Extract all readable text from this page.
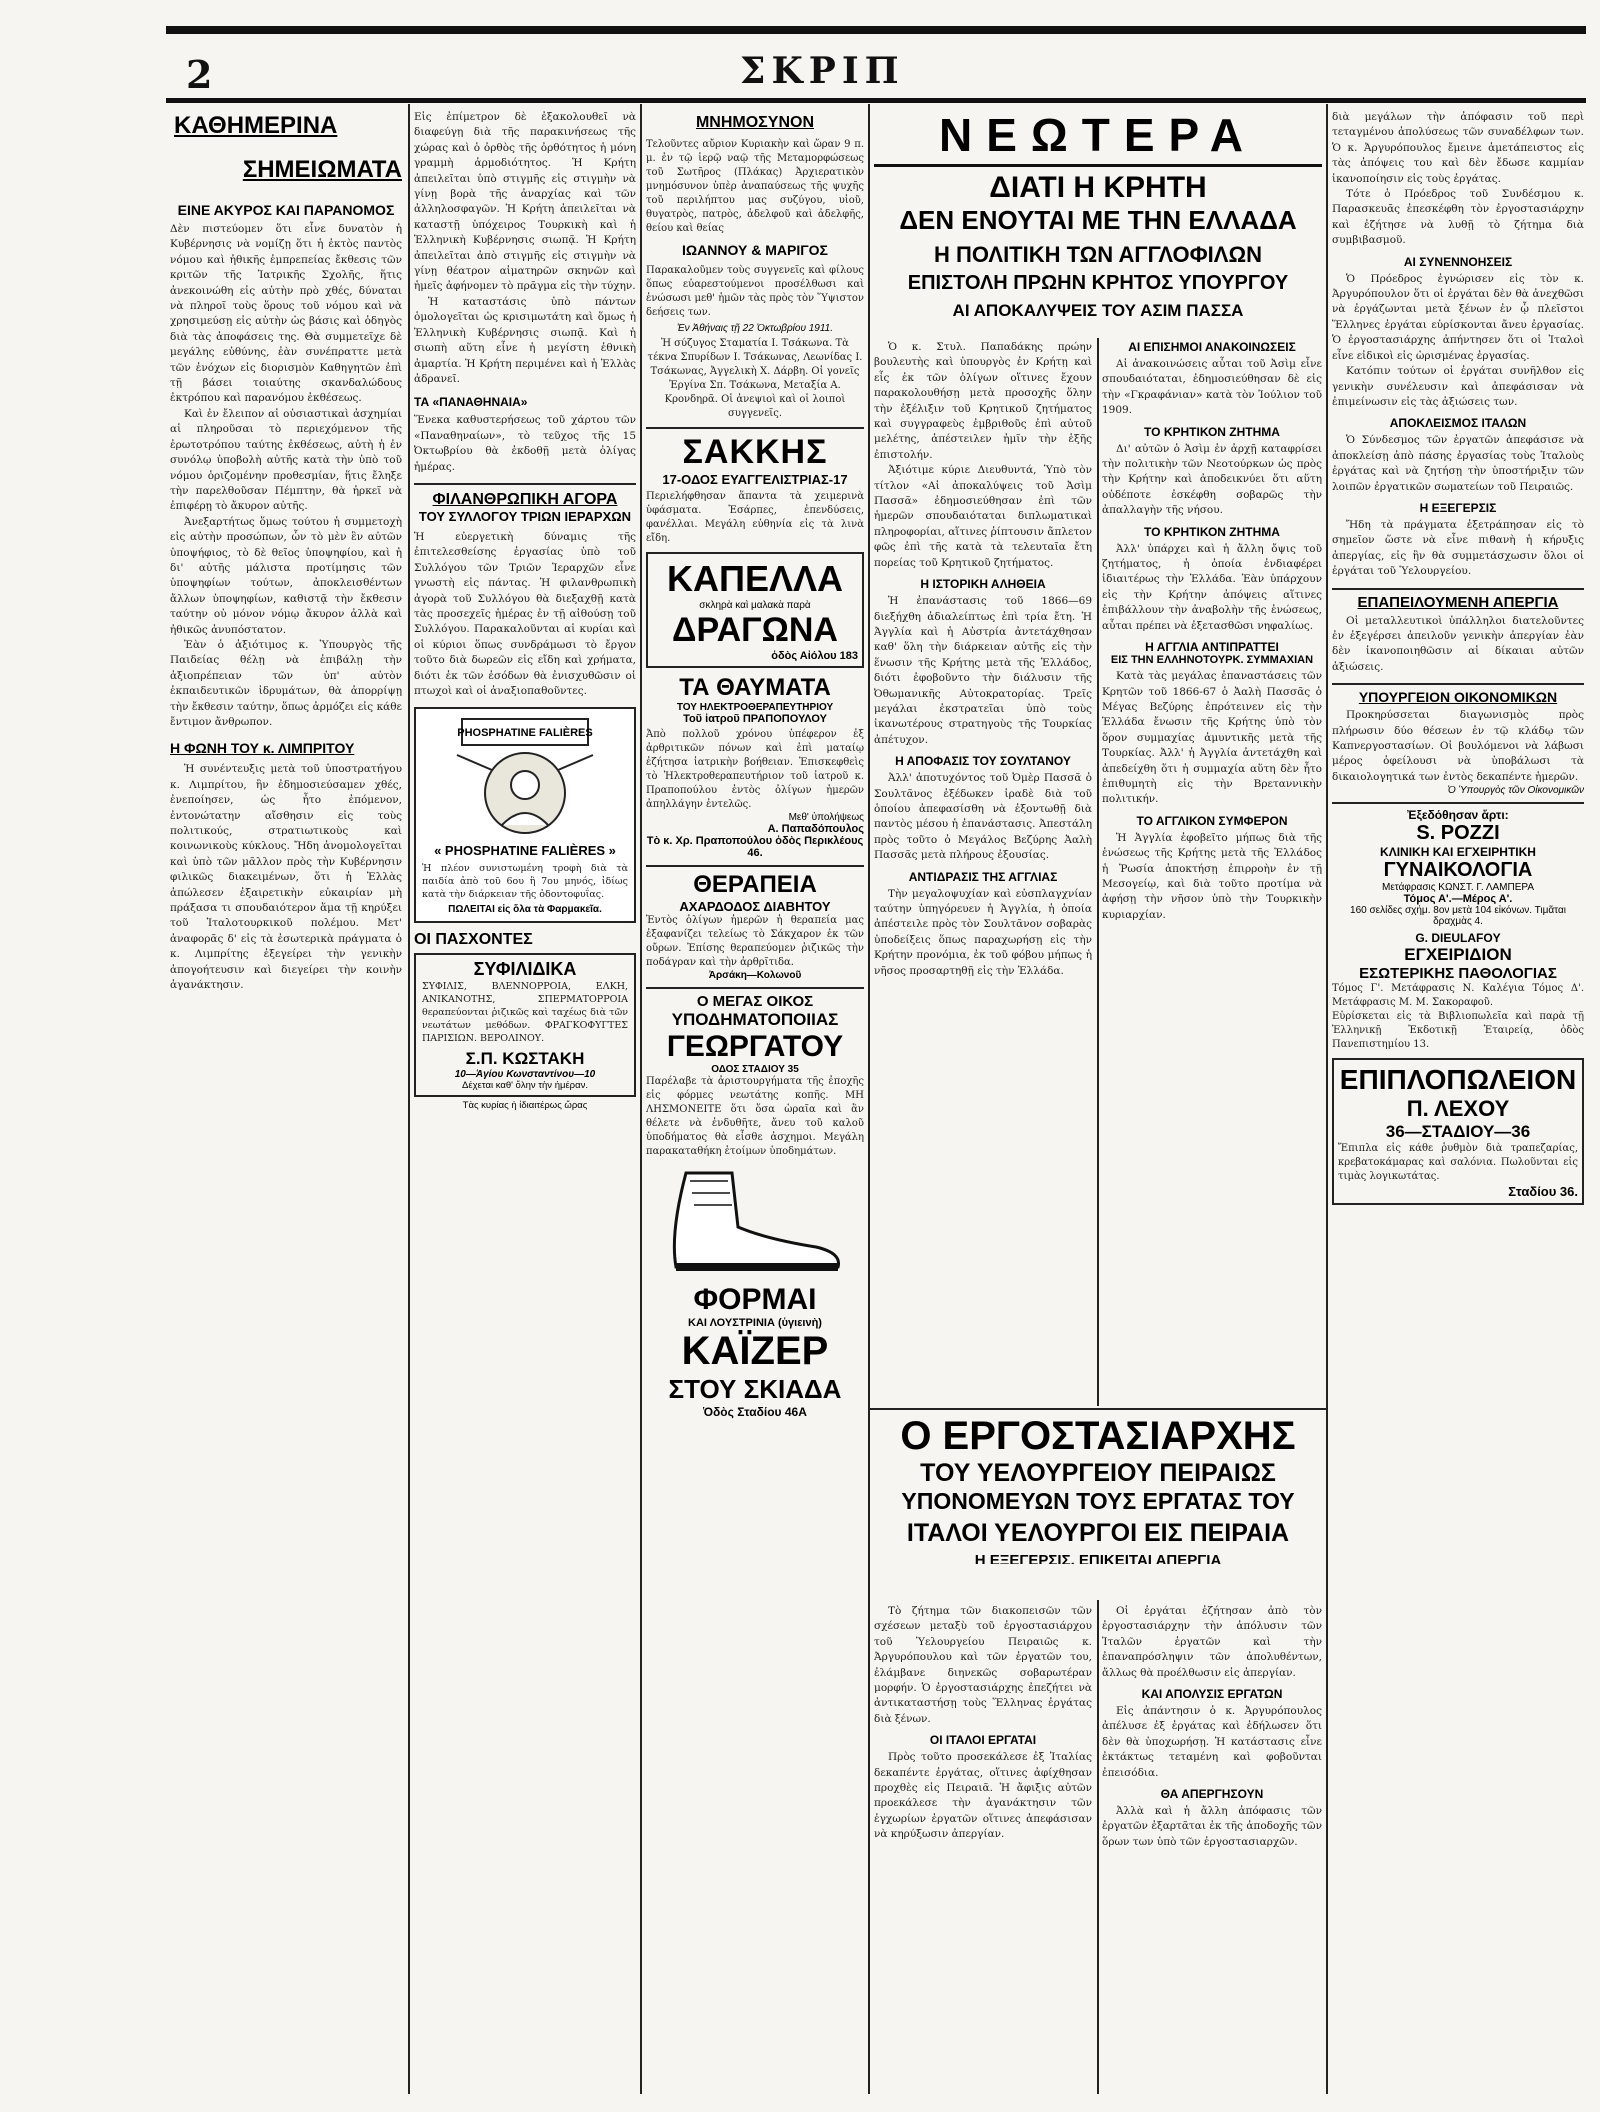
2	ΣΚΡΙΠ
ΚΑΘΗΜΕΡΙΝΑ
ΣΗΜΕΙΩΜΑΤΑ
ΕΙΝΕ ΑΚΥΡΟΣ ΚΑΙ ΠΑΡΑΝΟΜΟΣ

Δὲν πιστεύομεν ὅτι εἶνε δυνατὸν ἡ Κυβέρνησις νὰ νομίζῃ ὅτι ἡ ἐκτὸς παντὸς νόμου καὶ ἠθικῆς ἐμπρεπείας ἔκθεσις τῶν κριτῶν τῆς Ἰατρικῆς Σχολῆς, ἥτις ἀνεκοινώθη εἰς αὐτὴν πρὸ χθές, δύναται νὰ πληροῖ τοὺς ὅρους τοῦ νόμου καὶ νὰ χρησιμεύσῃ εἰς αὐτὴν ὡς βάσις καὶ ὁδηγὸς διὰ τὰς ἀποφάσεις της. Θὰ συμμετεῖχε δὲ μεγάλης εὐθύνης, ἐὰν συνέπραττε μετὰ τῶν ἐνόχων εἰς διορισμὸν Καθηγητῶν ἐπὶ τῇ βάσει τοιαύτης σκανδαλώδους ἐκτρόπου καὶ παρανόμου ἐκθέσεως.

Καὶ ἐν ἔλειπον αἱ οὐσιαστικαὶ ἀσχημίαι αἱ πληροῦσαι τὸ περιεχόμενον τῆς ἐρωτοτρόπου ταύτης ἐκθέσεως, αὐτὴ ἡ ἐν συνόλῳ ὑποβολὴ αὐτῆς κατὰ τὴν ὑπὸ τοῦ νόμου ὁριζομένην προθεσμίαν, ἥτις ἔληξε τὴν παρελθοῦσαν Πέμπτην, θὰ ἠρκεῖ νὰ ἐπιφέρῃ τὸ ἄκυρον αὐτῆς.

Ἀνεξαρτήτως ὅμως τούτου ἡ συμμετοχὴ εἰς αὐτὴν προσώπων, ὧν τὸ μὲν ἓν αὐτῶν ὑποψήφιος, τὸ δὲ θεῖος ὑποψηφίου, καὶ ἡ δι' αὐτῆς μάλιστα προτίμησις τῶν ὑποψηφίων τούτων, ἀποκλεισθέντων ἄλλων ὑποψηφίων, καθιστᾷ τὴν ἔκθεσιν ταύτην οὐ μόνον νόμῳ ἄκυρον ἀλλὰ καὶ ἠθικῶς ἀνυπόστατον.

Ἐὰν ὁ ἀξιότιμος κ. Ὑπουργὸς τῆς Παιδείας θέλῃ νὰ ἐπιβάλῃ τὴν ἀξιοπρέπειαν τῶν ὑπ' αὐτὸν ἐκπαιδευτικῶν ἰδρυμάτων, θὰ ἀπορρίψῃ τὴν ἔκθεσιν ταύτην, ὅπως ἀρμόζει εἰς κάθε ἔντιμον ἄνθρωπον.

Η ΦΩΝΗ ΤΟΥ κ. ΛΙΜΠΡΙΤΟΥ

Ἡ συνέντευξις μετὰ τοῦ ὑποστρατήγου κ. Λιμπρίτου, ἣν ἐδημοσιεύσαμεν χθές, ἐνεποίησεν, ὡς ἦτο ἐπόμενον, ἐντονώτατην αἴσθησιν εἰς τοὺς πολιτικούς, στρατιωτικοὺς καὶ κοινωνικοὺς κύκλους. Ἤδη ἀνομολογεῖται καὶ ὑπὸ τῶν μᾶλλον πρὸς τὴν Κυβέρνησιν φιλικῶς διακειμένων, ὅτι ἡ Ἑλλὰς ἀπώλεσεν ἐξαιρετικὴν εὐκαιρίαν μὴ πράξασα τι σπουδαιότερον ἅμα τῇ κηρύξει τοῦ Ἰταλοτουρκικοῦ πολέμου. Μετ' ἀναφορᾶς δ' εἰς τὰ ἐσωτερικὰ πράγματα ὁ κ. Λιμπρίτης ἐξεγείρει τὴν γενικὴν ἀπογοήτευσιν καὶ διεγείρει τὴν κοινὴν ἀγανάκτησιν.

Εἰς ἐπίμετρον δὲ ἐξακολουθεῖ νὰ διαφεύγῃ διὰ τῆς παρακινήσεως τῆς χώρας καὶ ὁ ὀρθὸς τῆς ὀρθότητος ἡ μόνη γραμμὴ ἀρμοδιότητος. Ἡ Κρήτη ἀπειλεῖται ὑπὸ στιγμῆς εἰς στιγμὴν νὰ γίνῃ βορὰ τῆς ἀναρχίας καὶ τῶν ἀλληλοσφαγῶν. Ἡ Κρήτη ἀπειλεῖται νὰ καταστῇ ὑπόχειρος Τουρκικὴ καὶ ἡ Ἑλληνικὴ Κυβέρνησις σιωπᾷ. Ἡ Κρήτη ἀπειλεῖται ἀπὸ στιγμῆς εἰς στιγμὴν νὰ γίνῃ θέατρον αἱματηρῶν σκηνῶν καὶ ἡμεῖς ἀφήνομεν τὸ πρᾶγμα εἰς τὴν τύχην.

Ἡ καταστάσις ὑπὸ πάντων ὁμολογεῖται ὡς κρισιμωτάτη καὶ ὅμως ἡ Ἑλληνικὴ Κυβέρνησις σιωπᾷ. Καὶ ἡ σιωπὴ αὕτη εἶνε ἡ μεγίστη ἐθνικὴ ἁμαρτία. Ἡ Κρήτη περιμένει καὶ ἡ Ἑλλὰς ἀδρανεῖ.

ΤΑ «ΠΑΝΑΘΗΝΑΙΑ»

Ἕνεκα καθυστερήσεως τοῦ χάρτου τῶν «Παναθηναίων», τὸ τεῦχος τῆς 15 Ὀκτωβρίου θὰ ἐκδοθῇ μετὰ ὀλίγας ἡμέρας.

ΦΙΛΑΝΘΡΩΠΙΚΗ ΑΓΟΡΑ
ΤΟΥ ΣΥΛΛΟΓΟΥ ΤΡΙΩΝ ΙΕΡΑΡΧΩΝ

Ἡ εὐεργετικὴ δύναμις τῆς ἐπιτελεσθείσης ἐργασίας ὑπὸ τοῦ Συλλόγου τῶν Τριῶν Ἱεραρχῶν εἶνε γνωστὴ εἰς πάντας. Ἡ φιλανθρωπικὴ ἀγορὰ τοῦ Συλλόγου θὰ διεξαχθῇ κατὰ τὰς προσεχεῖς ἡμέρας ἐν τῇ αἰθούσῃ τοῦ Συλλόγου. Παρακαλοῦνται αἱ κυρίαι καὶ οἱ κύριοι ὅπως συνδράμωσι τὸ ἔργον τοῦτο διὰ δωρεῶν εἰς εἴδη καὶ χρήματα, διότι ἐκ τῶν ἐσόδων θὰ ἐνισχυθῶσιν οἱ πτωχοὶ καὶ οἱ ἀναξιοπαθοῦντες.

PHOSPHATINE FALIÈRES
« PHOSPHATINE FALIÈRES »

Ἡ πλέον συνιστωμένη τροφὴ διὰ τὰ παιδία ἀπὸ τοῦ 6ου ἢ 7ου μηνός, ἰδίως κατὰ τὴν διάρκειαν τῆς ὀδοντοφυΐας.

ΠΩΛΕΙΤΑΙ εἰς ὅλα τὰ Φαρμακεῖα.
ΟΙ ΠΑΣΧΟΝΤΕΣ
ΣΥΦΙΛΙΔΙΚΑ

ΣΥΦΙΛΙΣ, ΒΛΕΝΝΟΡΡΟΙΑ, ΕΛΚΗ, ΑΝΙΚΑΝΟΤΗΣ, ΣΠΕΡΜΑΤΟΡΡΟΙΑ θεραπεύονται ῥιζικῶς καὶ ταχέως διὰ τῶν νεωτάτων μεθόδων. ΦΡΑΓΚΟΦΥΓΤΕΣ ΠΑΡΙΣΙΩΝ. ΒΕΡΟΛΙΝΟΥ.

Σ.Π. ΚΩΣΤΑΚΗ
10—Ἁγίου Κωνσταντίνου—10
Δέχεται καθ' ὅλην τὴν ἡμέραν.
Τὰς κυρίας ἡ ἰδιαιτέρως ὥρας
ΜΝΗΜΟΣΥΝΟΝ

Τελοῦντες αὔριον Κυριακὴν καὶ ὥραν 9 π. μ. ἐν τῷ ἱερῷ ναῷ τῆς Μεταμορφώσεως τοῦ Σωτῆρος (Πλάκας) Ἀρχιερατικὸν μνημόσυνον ὑπὲρ ἀναπαύσεως τῆς ψυχῆς τοῦ περιλήπτου μας συζύγου, υἱοῦ, θυγατρὸς, πατρὸς, ἀδελφοῦ καὶ ἀδελφῆς, θείου καὶ θείας

ΙΩΑΝΝΟΥ & ΜΑΡΙΓΟΣ

Παρακαλοῦμεν τοὺς συγγενεῖς καὶ φίλους ὅπως εὐαρεστούμενοι προσέλθωσι καὶ ἑνώσωσι μεθ' ἡμῶν τὰς πρὸς τὸν Ὕψιστον δεήσεις των.

Ἐν Ἀθήναις τῇ 22 Ὀκτωβρίου 1911.

Ἡ σύζυγος Σταματία Ι. Τσάκωνα. Τὰ τέκνα Σπυρίδων Ι. Τσάκωνας, Λεωνίδας Ι. Τσάκωνας, Ἀγγελικὴ Χ. Δάρβη. Οἱ γονεῖς Ἐργίνα Σπ. Τσάκωνα, Μεταξία Α. Κρονδηρᾶ. Οἱ ἀνεψιοὶ καὶ οἱ λοιποὶ συγγενεῖς.

ΣΑΚΚΗΣ
17-ΟΔΟΣ ΕΥΑΓΓΕΛΙΣΤΡΙΑΣ-17

Περιελήφθησαν ἅπαντα τὰ χειμερινὰ ὑφάσματα. Ἐσάρπες, ἐπενδύσεις, φανέλλαι. Μεγάλη εὐθηνία εἰς τὰ λινὰ εἴδη.

ΚΑΠΕΛΛΑ
σκληρὰ καὶ μαλακὰ παρὰ
ΔΡΑΓΩΝΑ
ὁδὸς Αἰόλου 183
ΤΑ ΘΑΥΜΑΤΑ
ΤΟΥ ΗΛΕΚΤΡΟΘΕΡΑΠΕΥΤΗΡΙΟΥ
Τοῦ ἰατροῦ ΠΡΑΠΟΠΟΥΛΟΥ

Ἀπὸ πολλοῦ χρόνου ὑπέφερον ἐξ ἀρθριτικῶν πόνων καὶ ἐπὶ ματαίῳ ἐζήτησα ἰατρικὴν βοήθειαν. Ἐπισκεφθεὶς τὸ Ἠλεκτροθεραπευτήριον τοῦ ἰατροῦ κ. Πραποπούλου ἐντὸς ὀλίγων ἡμερῶν ἀπηλλάγην ἐντελῶς.

Μεθ' ὑπολήψεως
Α. Παπαδόπουλος
Τὸ κ. Χρ. Πραποπούλου ὁδὸς Περικλέους 46.
ΘΕΡΑΠΕΙΑ
ΑΧΑΡΔΟΔΟΣ ΔΙΑΒΗΤΟΥ

Ἐντὸς ὀλίγων ἡμερῶν ἡ θεραπεία μας ἐξαφανίζει τελείως τὸ Σάκχαρον ἐκ τῶν οὔρων. Ἐπίσης θεραπεύομεν ῥιζικῶς τὴν ποδάγραν καὶ τὴν ἀρθρῖτιδα.

Ἀρσάκη—Κολωνοῦ
Ο ΜΕΓΑΣ ΟΙΚΟΣ
ΥΠΟΔΗΜΑΤΟΠΟΙΙΑΣ
ΓΕΩΡΓΑΤΟΥ
ΟΔΟΣ ΣΤΑΔΙΟΥ 35

Παρέλαβε τὰ ἀριστουργήματα τῆς ἐποχῆς εἰς φόρμες νεωτάτης κοπῆς. ΜΗ ΛΗΣΜΟΝΕΙΤΕ ὅτι ὅσα ὡραῖα καὶ ἂν θέλετε νὰ ἐνδυθῆτε, ἄνευ τοῦ καλοῦ ὑποδήματος θὰ εἶσθε ἀσχημοι. Μεγάλη παρακαταθήκη ἑτοίμων ὑποδημάτων.

ΦΟΡΜΑΙ
ΚΑΙ ΛΟΥΣΤΡΙΝΙΑ (ὑγιεινὴ)
ΚΑΪΖΕΡ
ΣΤΟΥ ΣΚΙΑΔΑ
Ὁδὸς Σταδίου 46Α
ΝΕΩΤΕΡΑ
ΔΙΑΤΙ Η ΚΡΗΤΗ
ΔΕΝ ΕΝΟΥΤΑΙ ΜΕ ΤΗΝ ΕΛΛΑΔΑ
Η ΠΟΛΙΤΙΚΗ ΤΩΝ ΑΓΓΛΟΦΙΛΩΝ
ΕΠΙΣΤΟΛΗ ΠΡΩΗΝ ΚΡΗΤΟΣ ΥΠΟΥΡΓΟΥ
ΑΙ ΑΠΟΚΑΛΥΨΕΙΣ ΤΟΥ ΑΣΙΜ ΠΑΣΣΑ

Ὁ κ. Στυλ. Παπαδάκης πρώην βουλευτὴς καὶ ὑπουργὸς ἐν Κρήτῃ καὶ εἷς ἐκ τῶν ὀλίγων οἵτινες ἔχουν παρακολουθήσῃ μετὰ προσοχῆς ὅλην τὴν ἐξέλιξιν τοῦ Κρητικοῦ ζητήματος καὶ συγγραφεὺς ἐμβριθοῦς ἐπὶ αὐτοῦ μελέτης, ἀπέστειλεν ἡμῖν τὴν ἑξῆς ἐπιστολήν.

Ἀξιότιμε κύριε Διευθυντά, Ὑπὸ τὸν τίτλον «Αἱ ἀποκαλύψεις τοῦ Ἀσὶμ Πασσᾶ» ἐδημοσιεύθησαν ἐπὶ τῶν ἡμερῶν σπουδαιόταται διπλωματικαὶ πληροφορίαι, αἵτινες ῥίπτουσιν ἄπλετον φῶς ἐπὶ τῆς κατὰ τὰ τελευταῖα ἔτη πορείας τοῦ Κρητικοῦ ζητήματος.

Η ΙΣΤΟΡΙΚΗ ΑΛΗΘΕΙΑ

Ἡ ἐπανάστασις τοῦ 1866—69 διεξήχθη ἀδιαλείπτως ἐπὶ τρία ἔτη. Ἡ Ἀγγλία καὶ ἡ Αὐστρία ἀντετάχθησαν καθ' ὅλη τὴν διάρκειαν αὐτῆς εἰς τὴν ἕνωσιν τῆς Κρήτης μετὰ τῆς Ἑλλάδος, διότι ἐφοβοῦντο τὴν διάλυσιν τῆς Ὀθωμανικῆς Αὐτοκρατορίας. Τρεῖς μεγάλαι ἐκστρατεῖαι ὑπὸ τοὺς ἱκανωτέρους στρατηγοὺς τῆς Τουρκίας ἀπέτυχον.

Η ΑΠΟΦΑΣΙΣ ΤΟΥ ΣΟΥΛΤΑΝΟΥ

Ἀλλ' ἀποτυχόντος τοῦ Ὀμὲρ Πασσᾶ ὁ Σουλτᾶνος ἐξέδωκεν ἰραδὲ διὰ τοῦ ὁποίου ἀπεφασίσθη νὰ ἐξοντωθῇ διὰ παντὸς μέσου ἡ ἐπανάστασις. Ἀπεστάλη πρὸς τοῦτο ὁ Μεγάλος Βεζύρης Ἀαλὴ Πασσᾶς μετὰ πλήρους ἐξουσίας.

ΑΝΤΙΔΡΑΣΙΣ ΤΗΣ ΑΓΓΛΙΑΣ

Τὴν μεγαλοψυχίαν καὶ εὐσπλαγχνίαν ταύτην ὑπηγόρευεν ἡ Ἀγγλία, ἡ ὁποία ἀπέστειλε πρὸς τὸν Σουλτᾶνον σοβαρὰς ὑποδείξεις ὅπως παραχωρήσῃ εἰς τὴν Κρήτην προνόμια, ἐκ τοῦ φόβου μήπως ἡ νῆσος προσαρτηθῇ εἰς τὴν Ἑλλάδα.

ΑΙ ΕΠΙΣΗΜΟΙ ΑΝΑΚΟΙΝΩΣΕΙΣ

Αἱ ἀνακοινώσεις αὗται τοῦ Ἀσὶμ εἶνε σπουδαιόταται, ἐδημοσιεύθησαν δὲ εἰς τὴν «Γκραφάνιαν» κατὰ τὸν Ἰούλιον τοῦ 1909.

ΤΟ ΚΡΗΤΙΚΟΝ ΖΗΤΗΜΑ

Δι' αὐτῶν ὁ Ἀσὶμ ἐν ἀρχῇ καταφρίσει τὴν πολιτικὴν τῶν Νεοτούρκων ὡς πρὸς τὴν Κρήτην καὶ ἀποδεικνύει ὅτι αὕτη οὐδέποτε ἐσκέφθη σοβαρῶς τὴν ἀπαλλαγὴν τῆς νήσου.

ΤΟ ΚΡΗΤΙΚΟΝ ΖΗΤΗΜΑ

Ἀλλ' ὑπάρχει καὶ ἡ ἄλλη ὄψις τοῦ ζητήματος, ἡ ὁποία ἐνδιαφέρει ἰδιαιτέρως τὴν Ἑλλάδα. Ἐὰν ὑπάρχουν εἰς τὴν Κρήτην ἀπόψεις αἵτινες ἐπιβάλλουν τὴν ἀναβολὴν τῆς ἑνώσεως, αὗται πρέπει νὰ ἐξετασθῶσι νηφαλίως.

Η ΑΓΓΛΙΑ ΑΝΤΙΠΡΑΤΤΕΙ
ΕΙΣ ΤΗΝ ΕΛΛΗΝΟΤΟΥΡΚ. ΣΥΜΜΑΧΙΑΝ

Κατὰ τὰς μεγάλας ἐπαναστάσεις τῶν Κρητῶν τοῦ 1866-67 ὁ Ἀαλὴ Πασσᾶς ὁ Μέγας Βεζύρης ἐπρότεινεν εἰς τὴν Ἑλλάδα ἔνωσιν τῆς Κρήτης ὑπὸ τὸν ὅρον συμμαχίας ἀμυντικῆς μετὰ τῆς Τουρκίας. Ἀλλ' ἡ Ἀγγλία ἀντετάχθη καὶ ἀπεδείχθη ὅτι ἡ συμμαχία αὕτη δὲν ἦτο ἐπιθυμητὴ εἰς τὴν Βρεταννικὴν πολιτικήν.

ΤΟ ΑΓΓΛΙΚΟΝ ΣΥΜΦΕΡΟΝ

Ἡ Ἀγγλία ἐφοβεῖτο μήπως διὰ τῆς ἑνώσεως τῆς Κρήτης μετὰ τῆς Ἑλλάδος ἡ Ῥωσία ἀποκτήσῃ ἐπιρροὴν ἐν τῇ Μεσογείῳ, καὶ διὰ τοῦτο προτίμα νὰ ἀφήσῃ τὴν νῆσον ὑπὸ τὴν Τουρκικὴν κυριαρχίαν.

Ο ΕΡΓΟΣΤΑΣΙΑΡΧΗΣ
ΤΟΥ ΥΕΛΟΥΡΓΕΙΟΥ ΠΕΙΡΑΙΩΣ
ΥΠΟΝΟΜΕΥΩΝ ΤΟΥΣ ΕΡΓΑΤΑΣ ΤΟΥ
ΙΤΑΛΟΙ ΥΕΛΟΥΡΓΟΙ ΕΙΣ ΠΕΙΡΑΙΑ
Η ΕΞΕΓΕΡΣΙΣ. ΕΠΙΚΕΙΤΑΙ ΑΠΕΡΓΙΑ

Τὸ ζήτημα τῶν διακοπεισῶν τῶν σχέσεων μεταξὺ τοῦ ἐργοστασιάρχου τοῦ Ὑελουργείου Πειραιῶς κ. Ἀργυρόπουλου καὶ τῶν ἐργατῶν του, ἐλάμβανε διηνεκῶς σοβαρωτέραν μορφήν. Ὁ ἐργοστασιάρχης ἐπεζήτει νὰ ἀντικαταστήσῃ τοὺς Ἕλληνας ἐργάτας διὰ ξένων.

ΟΙ ΙΤΑΛΟΙ ΕΡΓΑΤΑΙ

Πρὸς τοῦτο προσεκάλεσε ἐξ Ἰταλίας δεκαπέντε ἐργάτας, οἵτινες ἀφίχθησαν προχθὲς εἰς Πειραιᾶ. Ἡ ἄφιξις αὐτῶν προεκάλεσε τὴν ἀγανάκτησιν τῶν ἐγχωρίων ἐργατῶν οἵτινες ἀπεφάσισαν νὰ κηρύξωσιν ἀπεργίαν.

Οἱ ἐργάται ἐζήτησαν ἀπὸ τὸν ἐργοστασιάρχην τὴν ἀπόλυσιν τῶν Ἰταλῶν ἐργατῶν καὶ τὴν ἐπαναπρόσληψιν τῶν ἀπολυθέντων, ἄλλως θὰ προέλθωσιν εἰς ἀπεργίαν.

ΚΑΙ ΑΠΟΛΥΣΙΣ ΕΡΓΑΤΩΝ

Εἰς ἀπάντησιν ὁ κ. Ἀργυρόπουλος ἀπέλυσε ἐξ ἐργάτας καὶ ἐδήλωσεν ὅτι δὲν θὰ ὑποχωρήσῃ. Ἡ κατάστασις εἶνε ἐκτάκτως τεταμένη καὶ φοβοῦνται ἐπεισόδια.

ΘΑ ΑΠΕΡΓΗΣΟΥΝ

Ἀλλὰ καὶ ἡ ἄλλη ἀπόφασις τῶν ἐργατῶν ἐξαρτᾶται ἐκ τῆς ἀποδοχῆς τῶν ὅρων των ὑπὸ τῶν ἐργοστασιαρχῶν.

διὰ μεγάλων τὴν ἀπόφασιν τοῦ περὶ τεταγμένου ἀπολύσεως τῶν συναδέλφων των. Ὁ κ. Ἀργυρόπουλος ἔμεινε ἀμετάπειστος εἰς τὰς ἀπόψεις του καὶ δὲν ἔδωσε καμμίαν ἱκανοποίησιν εἰς τοὺς ἐργάτας.

Τότε ὁ Πρόεδρος τοῦ Συνδέσμου κ. Παρασκευᾶς ἐπεσκέφθη τὸν ἐργοστασιάρχην καὶ ἐζήτησε νὰ λυθῇ τὸ ζήτημα διὰ συμβιβασμοῦ.

ΑΙ ΣΥΝΕΝΝΟΗΣΕΙΣ

Ὁ Πρόεδρος ἐγνώρισεν εἰς τὸν κ. Ἀργυρόπουλον ὅτι οἱ ἐργάται δὲν θὰ ἀνεχθῶσι νὰ ἐργάζωνται μετὰ ξένων ἐν ᾧ πλεῖστοι Ἕλληνες ἐργάται εὑρίσκονται ἄνευ ἐργασίας. Ὁ ἐργοστασιάρχης ἀπήντησεν ὅτι οἱ Ἰταλοὶ εἶνε εἰδικοὶ εἰς ὡρισμένας ἐργασίας.

Κατόπιν τούτων οἱ ἐργάται συνῆλθον εἰς γενικὴν συνέλευσιν καὶ ἀπεφάσισαν νὰ ἐπιμείνωσιν εἰς τὰς ἀξιώσεις των.

ΑΠΟΚΛΕΙΣΜΟΣ ΙΤΑΛΩΝ

Ὁ Σύνδεσμος τῶν ἐργατῶν ἀπεφάσισε νὰ ἀποκλείσῃ ἀπὸ πάσης ἐργασίας τοὺς Ἰταλοὺς ἐργάτας καὶ νὰ ζητήσῃ τὴν ὑποστήριξιν τῶν λοιπῶν ἐργατικῶν σωματείων τοῦ Πειραιῶς.

Η ΕΞΕΓΕΡΣΙΣ

Ἤδη τὰ πράγματα ἐξετράπησαν εἰς τὸ σημεῖον ὥστε νὰ εἶνε πιθανὴ ἡ κήρυξις ἀπεργίας, εἰς ἣν θὰ συμμετάσχωσιν ὅλοι οἱ ἐργάται τοῦ Ὑελουργείου.

ΕΠΑΠΕΙΛΟΥΜΕΝΗ ΑΠΕΡΓΙΑ

Οἱ μεταλλευτικοὶ ὑπάλληλοι διατελοῦντες ἐν ἐξεγέρσει ἀπειλοῦν γενικὴν ἀπεργίαν ἐὰν δὲν ἱκανοποιηθῶσιν αἱ δίκαιαι αὐτῶν ἀξιώσεις.

ΥΠΟΥΡΓΕΙΟΝ ΟΙΚΟΝΟΜΙΚΩΝ

Προκηρύσσεται διαγωνισμὸς πρὸς πλήρωσιν δύο θέσεων ἐν τῷ κλάδῳ τῶν Καπνεργοστασίων. Οἱ βουλόμενοι νὰ λάβωσι μέρος ὀφείλουσι νὰ ὑποβάλωσι τὰ δικαιολογητικά των ἐντὸς δεκαπέντε ἡμερῶν.

Ὁ Ὑπουργὸς τῶν Οἰκονομικῶν
Ἐξεδόθησαν ἄρτι:
S. POZZI
ΚΛΙΝΙΚΗ ΚΑΙ ΕΓΧΕΙΡΗΤΙΚΗ
ΓΥΝΑΙΚΟΛΟΓΙΑ
Μετάφρασις ΚΩΝΣΤ. Γ. ΛΑΜΠΕΡΑ
Τόμος Α'.—Μέρος Α'.
160 σελίδες σχήμ. 8ον μετὰ 104 εἰκόνων. Τιμᾶται δραχμὰς 4.
G. DIEULAFOY
ΕΓΧΕΙΡΙΔΙΟΝ
ΕΣΩΤΕΡΙΚΗΣ ΠΑΘΟΛΟΓΙΑΣ

Τόμος Γ'. Μετάφρασις Ν. Καλέγια Τόμος Δ'. Μετάφρασις Μ. Μ. Σακοραφοῦ.

Εὑρίσκεται εἰς τὰ Βιβλιοπωλεῖα καὶ παρὰ τῇ Ἑλληνικῇ Ἐκδοτικῇ Ἑταιρείᾳ, ὁδὸς Πανεπιστημίου 13.

ΕΠΙΠΛΟΠΩΛΕΙΟΝ
Π. ΛΕΧΟΥ
36—ΣΤΑΔΙΟΥ—36

Ἔπιπλα εἰς κάθε ῥυθμὸν διὰ τραπεζαρίας, κρεβατοκάμαρας καὶ σαλόνια. Πωλοῦνται εἰς τιμὰς λογικωτάτας.

Σταδίου 36.
